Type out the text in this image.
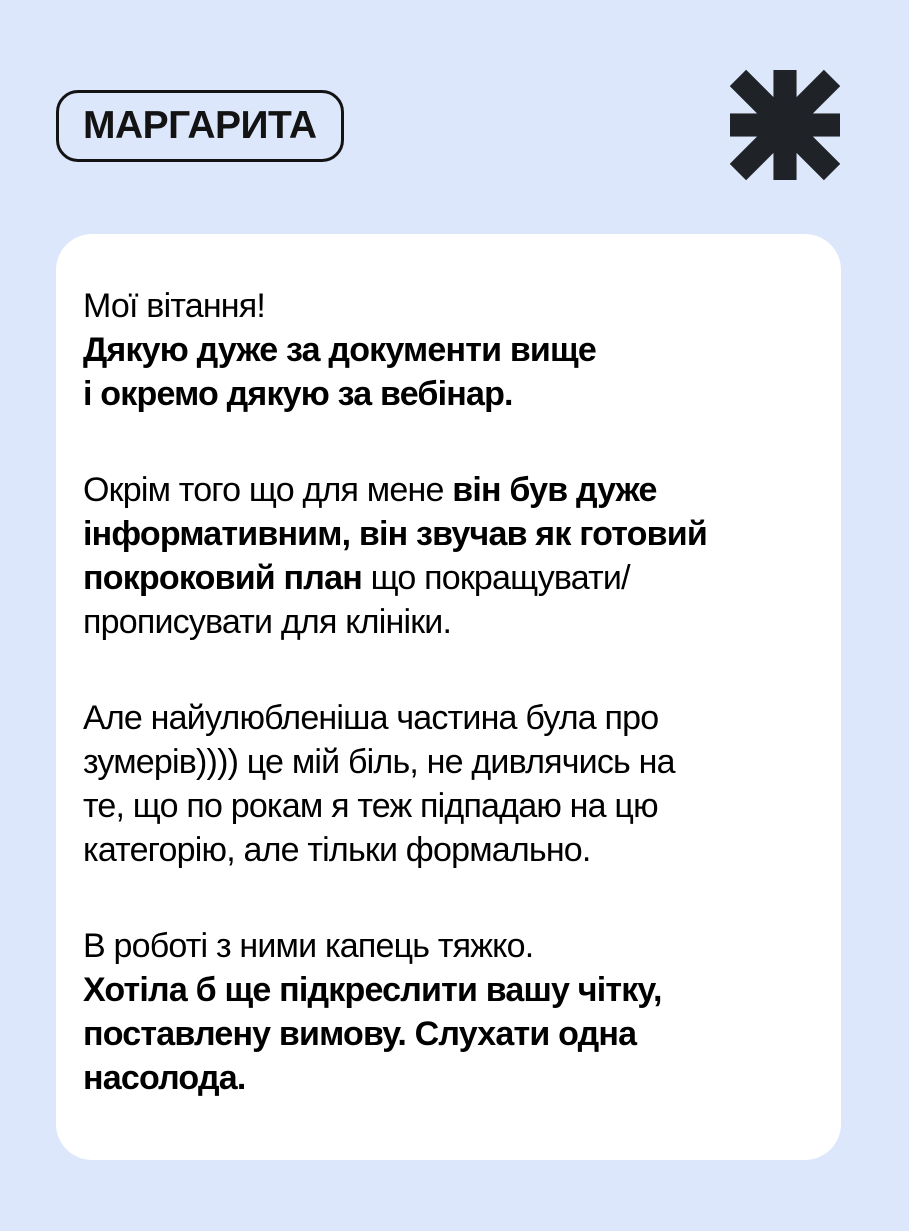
МАРГАРИТА

Мої вітання!
Дякую дуже за документи вище
і окремо дякую за вебінар.

Окрім того що для мене він був дуже
інформативним, він звучав як готовий
покроковий план що покращувати/
прописувати для клініки.

Але найулюбленіша частина була про
зумерів)))) це мій біль, не дивлячись на
те, що по рокам я теж підпадаю на цю
категорію, але тільки формально.

В роботі з ними капець тяжко.
Хотіла б ще підкреслити вашу чітку,
поставлену вимову. Слухати одна
насолода.
